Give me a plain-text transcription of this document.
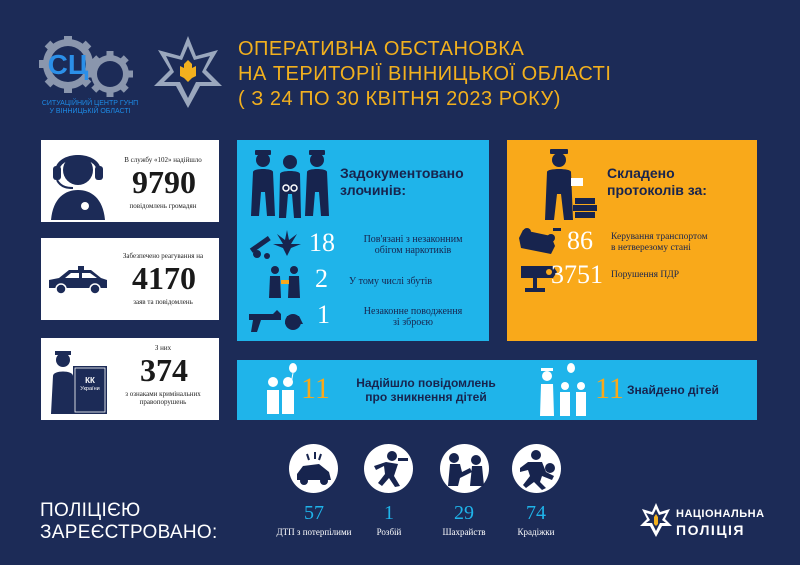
СЦ
СИТУАЦІЙНИЙ ЦЕНТР ГУНП
У ВІННИЦЬКІЙ ОБЛАСТІ
ОПЕРАТИВНА ОБСТАНОВКА
НА ТЕРИТОРІЇ ВІННИЦЬКОЇ ОБЛАСТІ
( З 24 ПО 30 КВІТНЯ 2023 РОКУ)
В службу «102» надійшло
9790
повідомлень громадян
Забезпечено реагування на
4170
заяв та повідомлень
КК
України
З них
374
з ознаками кримінальних
правопорушень
Задокументовано
злочинів:
18	Пов'язані з незаконним
обігом наркотиків
2 У тому числі збутів
1	Незаконне поводження
зі зброєю
Складено
протоколів за:
86 Керування транспортом
в нетверезому стані
3751 Порушення ПДР
11	Надійшло повідомлень
про зникнення дітей	11 Знайдено дітей
ПОЛІЦІЄЮ
ЗАРЕЄСТРОВАНО:
57
ДТП з потерпілими
1
Розбій
29
Шахрайств
74
Крадіжки
НАЦІОНАЛЬНА
ПОЛІЦІЯ
